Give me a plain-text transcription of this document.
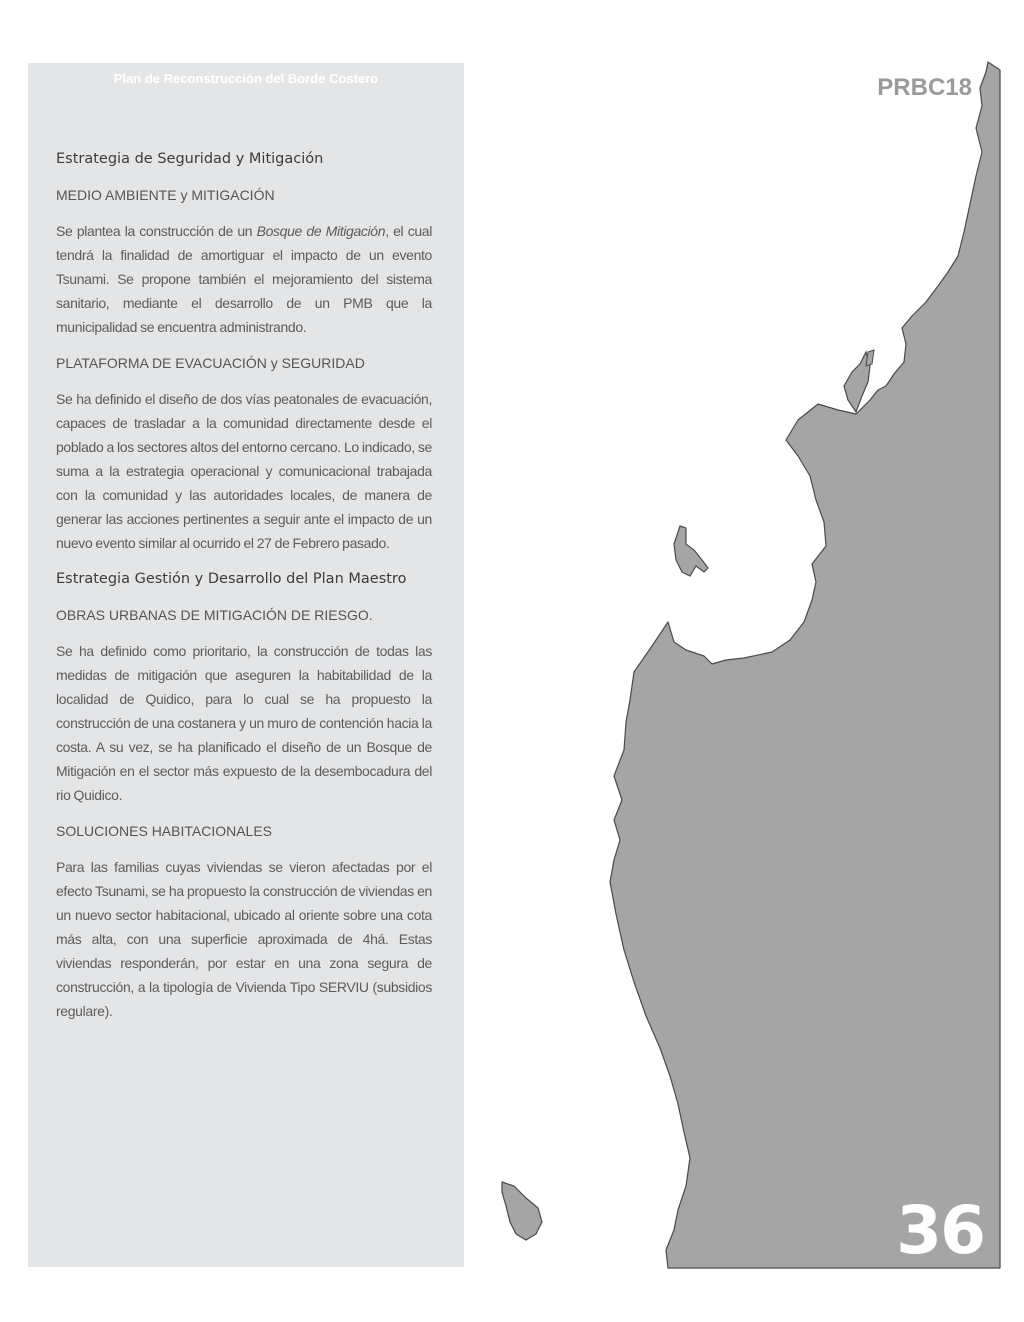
Plan de Reconstrucción del Borde Costero
Estrategia de Seguridad y Mitigación
MEDIO AMBIENTE y MITIGACIÓN

Se plantea la construcción de un Bosque de Mitigación, el cual tendrá la finalidad de amortiguar el impacto de un evento Tsunami. Se propone también el mejoramiento del sistema sanitario, mediante el desarrollo de un PMB que la municipalidad se encuentra administrando.

PLATAFORMA DE EVACUACIÓN y SEGURIDAD

Se ha definido el diseño de dos vías peatonales de evacuación, capaces de trasladar a la comunidad directamente desde el poblado a los sectores altos del entorno cercano. Lo indicado, se suma a la estrategia operacional y comunicacional trabajada con la comunidad y las autoridades locales, de manera de generar las acciones pertinentes a seguir ante el impacto de un nuevo evento similar al ocurrido el 27 de Febrero pasado.

Estrategia Gestión y Desarrollo del Plan Maestro
OBRAS URBANAS DE MITIGACIÓN DE RIESGO.

Se ha definido como prioritario, la construcción de todas las medidas de mitigación que aseguren la habitabilidad de la localidad de Quidico, para lo cual se ha propuesto la construcción de una costanera y un muro de contención hacia la costa. A su vez, se ha planificado el diseño de un Bosque de Mitigación en el sector más expuesto de la desembocadura del rio Quidico.

SOLUCIONES HABITACIONALES

Para las familias cuyas viviendas se vieron afectadas por el efecto Tsunami, se ha propuesto la construcción de viviendas en un nuevo sector habitacional, ubicado al oriente sobre una cota más alta, con una superficie aproximada de 4há. Estas viviendas responderán, por estar en una zona segura de construcción, a la tipología de Vivienda Tipo SERVIU (subsidios regulare).

PRBC18
36
